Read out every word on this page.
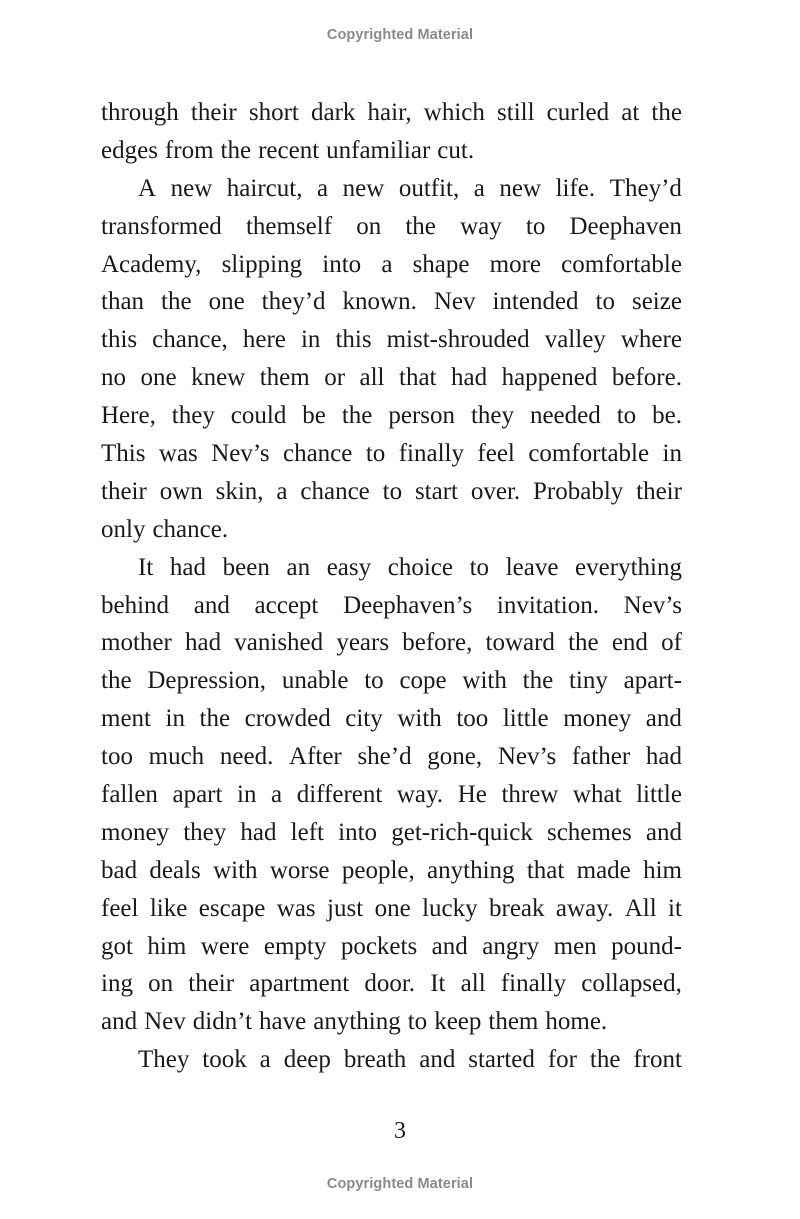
Copyrighted Material
through their short dark hair, which still curled at the
edges from the recent unfamiliar cut.
A new haircut, a new outfit, a new life. They’d
transformed themself on the way to Deephaven
Academy, slipping into a shape more comfortable
than the one they’d known. Nev intended to seize
this chance, here in this mist-shrouded valley where
no one knew them or all that had happened before.
Here, they could be the person they needed to be.
This was Nev’s chance to finally feel comfortable in
their own skin, a chance to start over. Probably their
only chance.
It had been an easy choice to leave everything
behind and accept Deephaven’s invitation. Nev’s
mother had vanished years before, toward the end of
the Depression, unable to cope with the tiny apart-
ment in the crowded city with too little money and
too much need. After she’d gone, Nev’s father had
fallen apart in a different way. He threw what little
money they had left into get-rich-quick schemes and
bad deals with worse people, anything that made him
feel like escape was just one lucky break away. All it
got him were empty pockets and angry men pound-
ing on their apartment door. It all finally collapsed,
and Nev didn’t have anything to keep them home.
They took a deep breath and started for the front
3
Copyrighted Material
